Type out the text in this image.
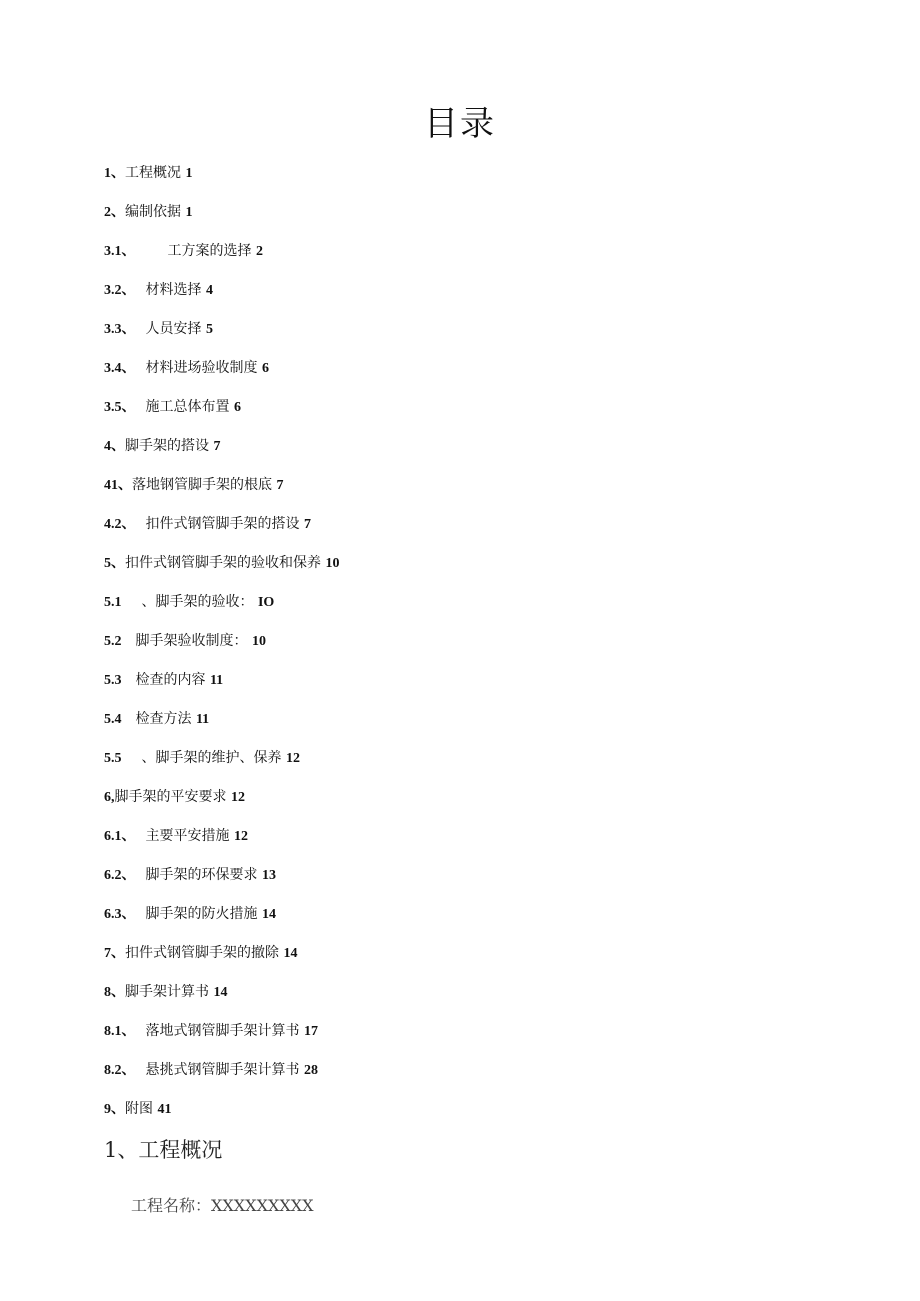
目录
1、工程概况 1
2、编制依据 1
3.1、 工方案的选择 2
3.2、 材料选择 4
3.3、 人员安择 5
3.4、 材料进场验收制度 6
3.5、 施工总体布置 6
4、脚手架的搭设 7
41、落地钢管脚手架的根底 7
4.2、 扣件式钢管脚手架的搭设 7
5、扣件式钢管脚手架的验收和保养 10
5.1 、脚手架的验收： IO
5.2 脚手架验收制度： 10
5.3 检查的内容 11
5.4 检查方法 11
5.5 、脚手架的维护、保养 12
6,脚手架的平安要求 12
6.1、 主要平安措施 12
6.2、 脚手架的环保要求 13
6.3、 脚手架的防火措施 14
7、扣件式钢管脚手架的撤除 14
8、脚手架计算书 14
8.1、 落地式钢管脚手架计算书 17
8.2、 悬挑式钢管脚手架计算书 28
9、附图 41
1、工程概况
工程名称：XXXXXXXXX
